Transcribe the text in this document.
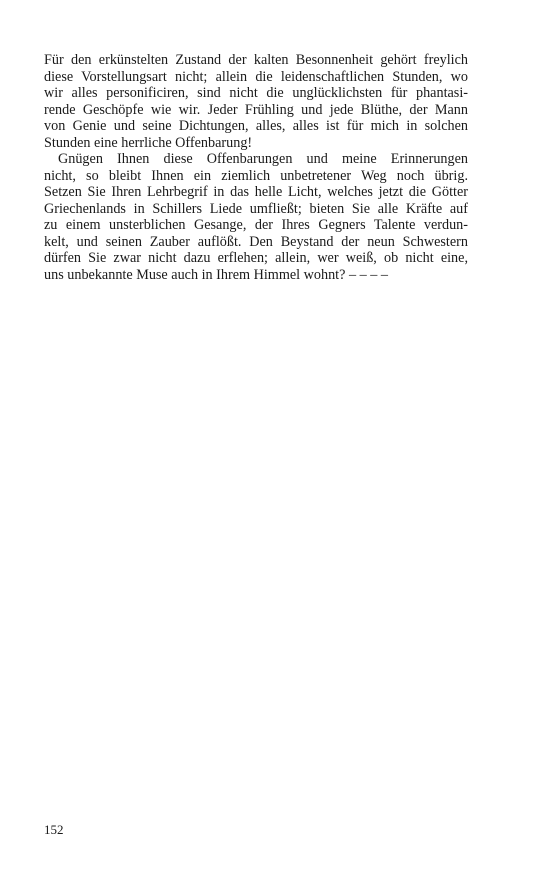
Für den erkünstelten Zustand der kalten Besonnenheit gehört freylich
diese Vorstellungsart nicht; allein die leidenschaftlichen Stunden, wo
wir alles personificiren, sind nicht die unglücklichsten für phantasi-
rende Geschöpfe wie wir. Jeder Frühling und jede Blüthe, der Mann
von Genie und seine Dichtungen, alles, alles ist für mich in solchen
Stunden eine herrliche Offenbarung!
Gnügen Ihnen diese Offenbarungen und meine Erinnerungen
nicht, so bleibt Ihnen ein ziemlich unbetretener Weg noch übrig.
Setzen Sie Ihren Lehrbegrif in das helle Licht, welches jetzt die Götter
Griechenlands in Schillers Liede umfließt; bieten Sie alle Kräfte auf
zu einem unsterblichen Gesange, der Ihres Gegners Talente verdun-
kelt, und seinen Zauber auflößt. Den Beystand der neun Schwestern
dürfen Sie zwar nicht dazu erflehen; allein, wer weiß, ob nicht eine,
uns unbekannte Muse auch in Ihrem Himmel wohnt? – – – –
152
